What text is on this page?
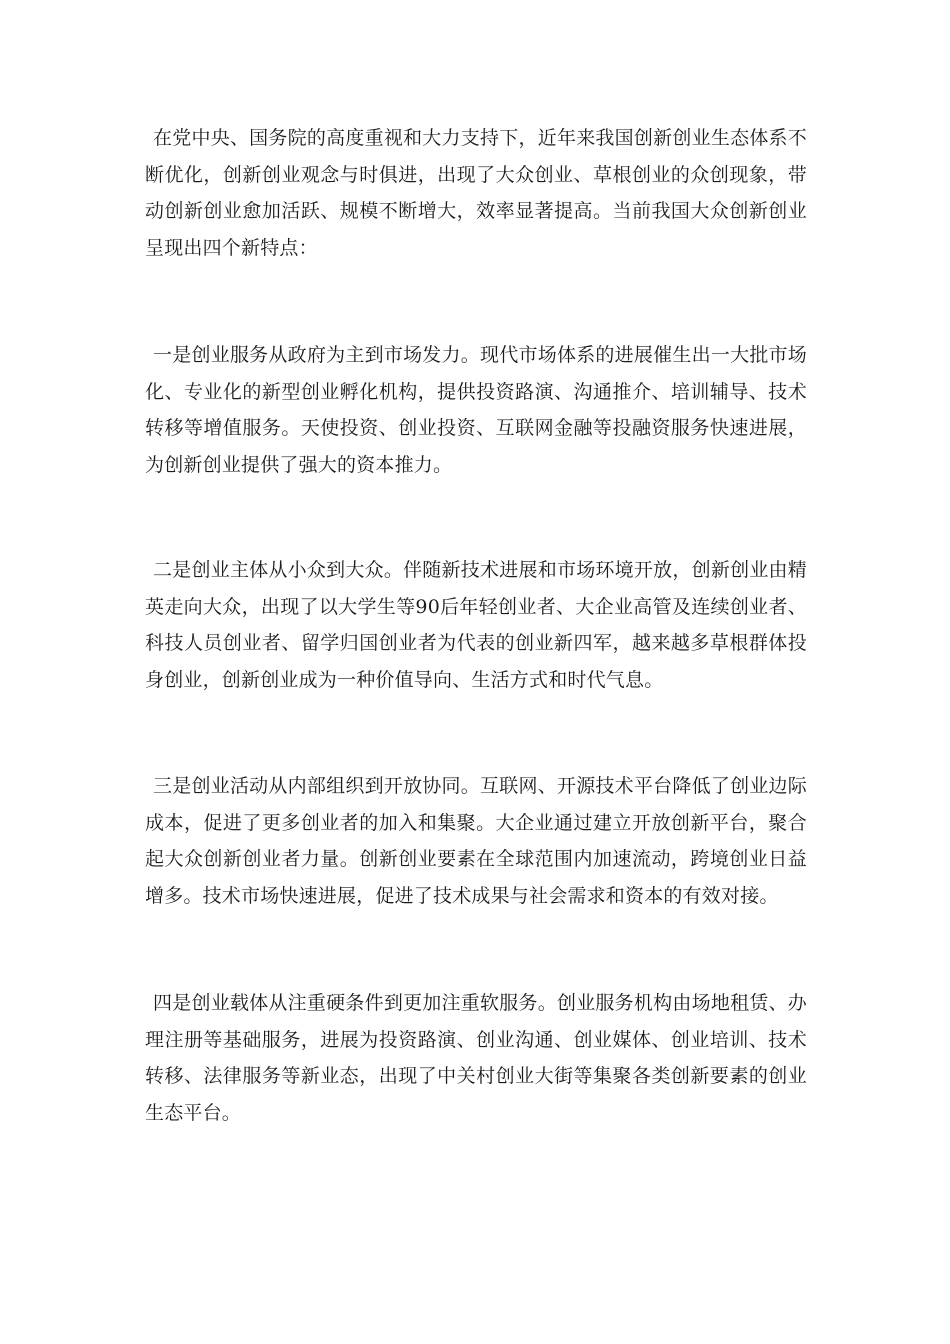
在党中央、国务院的高度重视和大力支持下，近年来我国创新创业生态体系不断优化，创新创业观念与时俱进，出现了大众创业、草根创业的众创现象，带动创新创业愈加活跃、规模不断增大，效率显著提高。当前我国大众创新创业呈现出四个新特点：

一是创业服务从政府为主到市场发力。现代市场体系的进展催生出一大批市场化、专业化的新型创业孵化机构，提供投资路演、沟通推介、培训辅导、技术转移等增值服务。天使投资、创业投资、互联网金融等投融资服务快速进展，为创新创业提供了强大的资本推力。

二是创业主体从小众到大众。伴随新技术进展和市场环境开放，创新创业由精英走向大众，出现了以大学生等90后年轻创业者、大企业高管及连续创业者、科技人员创业者、留学归国创业者为代表的创业新四军，越来越多草根群体投身创业，创新创业成为一种价值导向、生活方式和时代气息。

三是创业活动从内部组织到开放协同。互联网、开源技术平台降低了创业边际成本，促进了更多创业者的加入和集聚。大企业通过建立开放创新平台，聚合起大众创新创业者力量。创新创业要素在全球范围内加速流动，跨境创业日益增多。技术市场快速进展，促进了技术成果与社会需求和资本的有效对接。

四是创业载体从注重硬条件到更加注重软服务。创业服务机构由场地租赁、办理注册等基础服务，进展为投资路演、创业沟通、创业媒体、创业培训、技术转移、法律服务等新业态，出现了中关村创业大街等集聚各类创新要素的创业生态平台。
